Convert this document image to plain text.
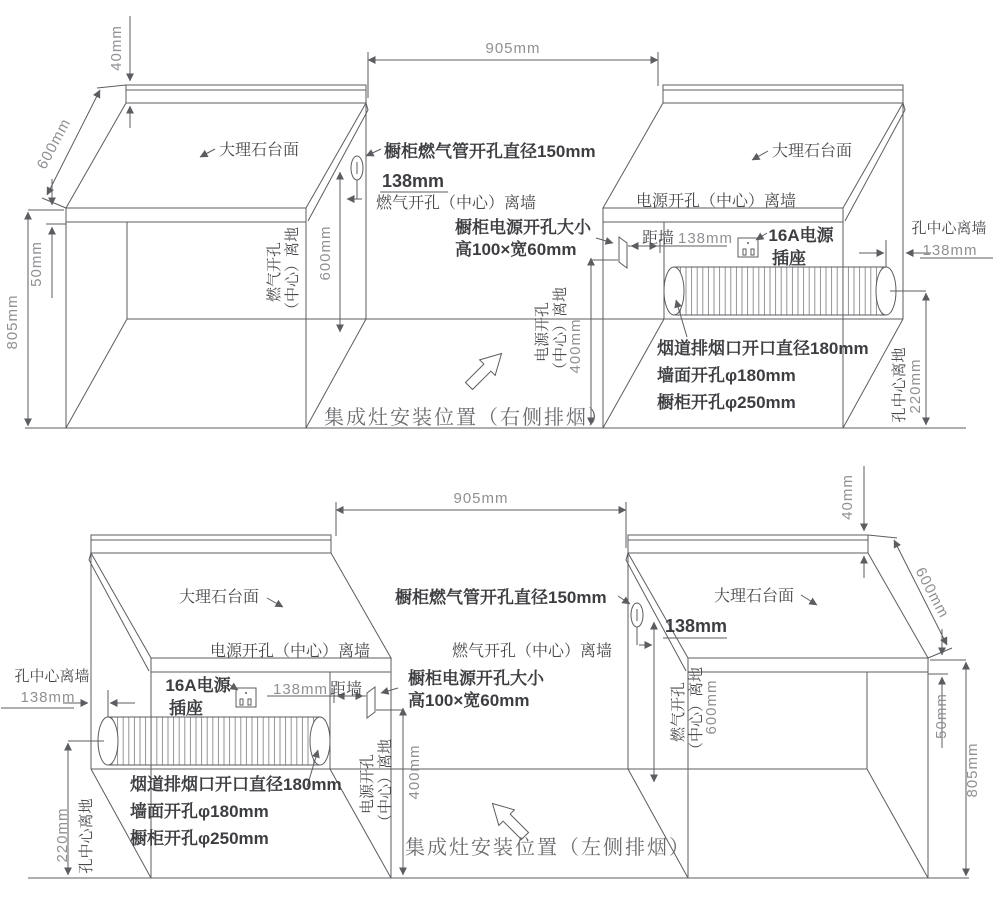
40mm
600mm
805mm
50mm
905mm
大理石台面	大理石台面
橱柜燃气管开孔直径150mm
138mm
燃气开孔（中心）离墙
橱柜电源开孔大小
高100×宽60mm
电源开孔（中心）离墙
距墙 138mm 16A电源
插座
烟道排烟口开口直径180mm
墙面开孔φ180mm
橱柜开孔φ250mm
孔中心离墙
138mm
孔中心离地 220mm
燃气开孔（中心）离地 600mm
电源开孔（中心）离地
400mm
集成灶安装位置（右侧排烟）
40mm
600mm
805mm
50mm
905mm
大理石台面	大理石台面
橱柜燃气管开孔直径150mm
138mm
燃气开孔（中心）离墙
橱柜电源开孔大小
高100×宽60mm
电源开孔（中心）离墙
138mm 距墙
16A电源
插座
烟道排烟口开口直径180mm
墙面开孔φ180mm
橱柜开孔φ250mm
孔中心离墙
138mm
孔中心离地
220mm
燃气开孔（中心）离地
600mm
电源开孔（中心）离地 400mm
集成灶安装位置（左侧排烟）
